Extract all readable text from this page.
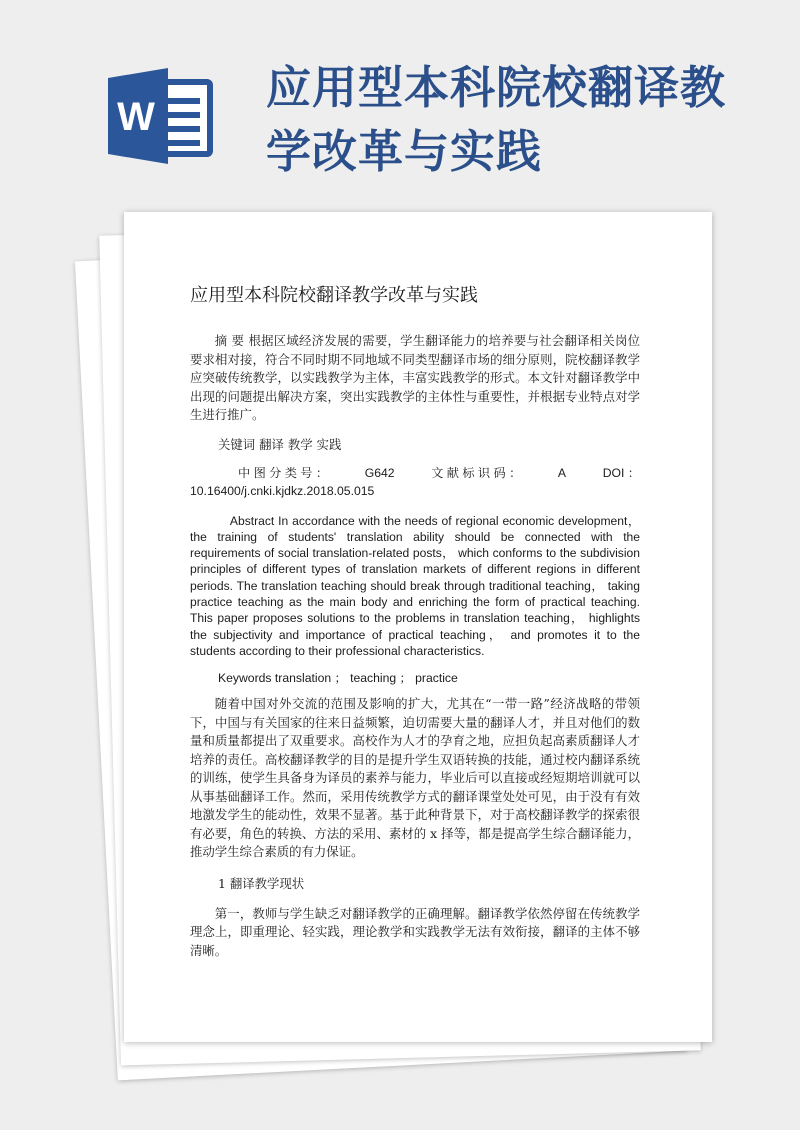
W
应用型本科院校翻译教学改革与实践
应用型本科院校翻译教学改革与实践

摘 要 根据区域经济发展的需要，学生翻译能力的培养要与社会翻译相关岗位要求相对接，符合不同时期不同地域不同类型翻译市场的细分原则，院校翻译教学应突破传统教学，以实践教学为主体，丰富实践教学的形式。本文针对翻译教学中出现的问题提出解决方案，突出实践教学的主体性与重要性，并根据专业特点对学生进行推广。

关键词 翻译 教学 实践

中 图 分 类 号 ：	G642	文 献 标 识 码 ：	A	DOI ：
10.16400/j.cnki.kjdkz.2018.05.015

Abstract In accordance with the needs of regional economic development， the training of students' translation ability should be connected with the requirements of social translation-related posts， which conforms to the subdivision principles of different types of translation markets of different regions in different periods. The translation teaching should break through traditional teaching， taking practice teaching as the main body and enriching the form of practical teaching. This paper proposes solutions to the problems in translation teaching， highlights the subjectivity and importance of practical teaching， and promotes it to the students according to their professional characteristics.

Keywords translation ； teaching ； practice

随着中国对外交流的范围及影响的扩大，尤其在“一带一路”经济战略的带领下，中国与有关国家的往来日益频繁，迫切需要大量的翻译人才，并且对他们的数量和质量都提出了双重要求。高校作为人才的孕育之地，应担负起高素质翻译人才培养的责任。高校翻译教学的目的是提升学生双语转换的技能，通过校内翻译系统的训练，使学生具备身为译员的素养与能力，毕业后可以直接或经短期培训就可以从事基础翻译工作。然而，采用传统教学方式的翻译课堂处处可见，由于没有有效地激发学生的能动性，效果不显著。基于此种背景下，对于高校翻译教学的探索很有必要，角色的转换、方法的采用、素材的 x 择等，都是提高学生综合翻译能力，推动学生综合素质的有力保证。

1 翻译教学现状

第一，教师与学生缺乏对翻译教学的正确理解。翻译教学依然停留在传统教学理念上，即重理论、轻实践，理论教学和实践教学无法有效衔接，翻译的主体不够清晰。
